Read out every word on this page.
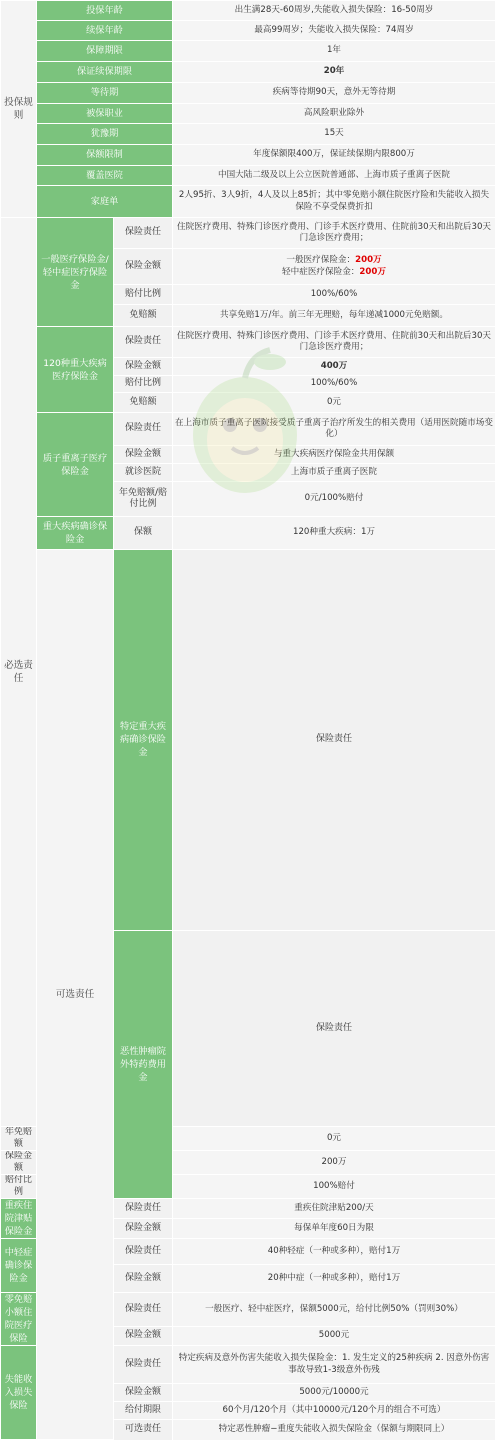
投保规则	投保年龄		出生满28天-60周岁,失能收入损失保险：16-50周岁	
	续保年龄		最高99周岁；失能收入损失保险：74周岁	
	保障期限		1年	
	保证续保期限		20年	
	等待期		疾病等待期90天，意外无等待期	
	被保职业		高风险职业除外	
	犹豫期		15天	
	保额限制		年度保额限400万，保证续保期内限800万	
	覆盖医院		中国大陆二级及以上公立医院普通部、上海市质子重离子医院	
	家庭单		2人95折、3人9折，4人及以上85折；其中零免赔小额住院医疗险和失能收入损失保险不享受保费折扣	
必选责任	一般医疗保险金/轻中症医疗保险金	保险责任	住院医疗费用、特殊门诊医疗费用、门诊手术医疗费用、住院前30天和出院后30天门急诊医疗费用；	
		保险金额	一般医疗保险金：200万
轻中症医疗保险金：200万	

		赔付比例	100%/60%	
		免赔额	共享免赔1万/年。前三年无理赔，每年递减1000元免赔额。	
	120种重大疾病医疗保险金	保险责任	住院医疗费用、特殊门诊医疗费用、门诊手术医疗费用、住院前30天和出院后30天门急诊医疗费用；	
		保险金额	400万	
		赔付比例	100%/60%	
		免赔额	0元	
	质子重离子医疗保险金	保险责任	在上海市质子重离子医院接受质子重离子治疗所发生的相关费用（适用医院随市场变化）	
		保险金额	与重大疾病医疗保险金共用保额	
		就诊医院	上海市质子重离子医院	
		年免赔额/赔付比例	0元/100%赔付	
	重大疾病确诊保险金	保额	120种重大疾病：1万	
	可选责任	特定重大疾病确诊保险金	保险责任	
		恶性肿瘤院外特药费用金	保险责任	
年免赔额			0元	
保险金额			200万	
赔付比例			100%赔付	
重疾住院津贴保险金		保险责任	重疾住院津贴200/天	
		保险金额	每保单年度60日为限	
中轻症确诊保险金		保险责任	40种轻症（一种或多种），赔付1万	
		保险金额	20种中症（一种或多种），赔付1万	
零免赔小额住院医疗保险		保险责任	一般医疗、轻中症医疗，保额5000元，给付比例50%（罚则30%）	
		保险金额	5000元	
失能收入损失保险		保险责任	特定疾病及意外伤害失能收入损失保险金：1. 发生定义的25种疾病 2. 因意外伤害事故导致1-3级意外伤残	
		保险金额	5000元/10000元	
		给付期限	60个月/120个月（其中10000元/120个月的组合不可选）	
		可选责任	特定恶性肿瘤−重度失能收入损失保险金（保额与期限同上）	
